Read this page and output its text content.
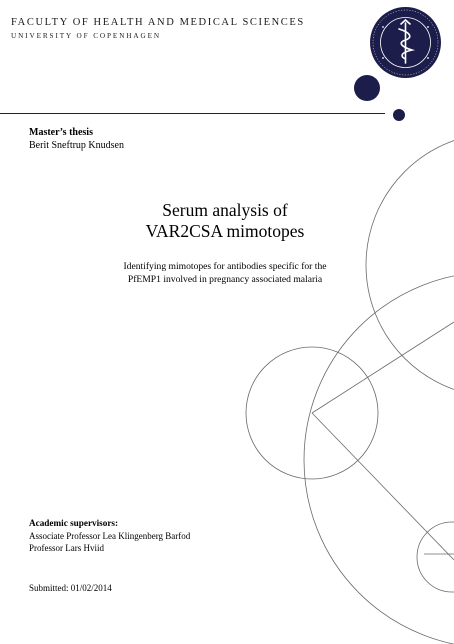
FACULTY OF HEALTH AND MEDICAL SCIENCES
UNIVERSITY OF COPENHAGEN
Master’s thesis
Berit Sneftrup Knudsen
Serum analysis of
VAR2CSA mimotopes
Identifying mimotopes for antibodies specific for the
PfEMP1 involved in pregnancy associated malaria
Academic supervisors:
Associate Professor Lea Klingenberg Barfod
Professor Lars Hviid
Submitted: 01/02/2014
